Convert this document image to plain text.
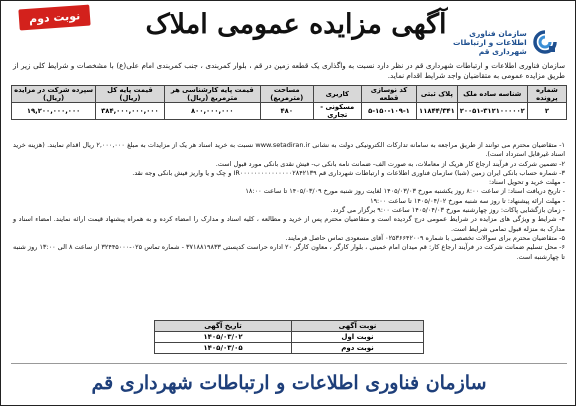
نوبت دوم	آگهی مزایده عمومی املاک	سازمان فناوری
اطلاعات و ارتباطات
شهرداری قم
سازمان فناوری اطلاعات و ارتباطات شهرداری قم در نظر دارد نسبت به واگذاری یک قطعه زمین در قم ، بلوار کمربندی ، جنب کمربندی امام علی(ع) با مشخصات و شرایط کلی زیر از طریق مزایده عمومی به متقاضیان واجد شرایط اقدام نماید.
شماره پرونده	شناسه ساده ملک	پلاک ثبتی	کد نوسازی قطعه	کاربری	مساحت (مترمربع)	قیمت پایه کارشناسی هر مترمربع (ریال)	قیمت پایه کل (ریال)	سپرده شرکت در مزایده (ریال)
۲	۲۰۰۵۱-۳۱۲۱۰۰۰۰۰۲	۱۱۸۴۴/۳۴۱	۵-۱۵۰-۱۰۹-۱	مسکونی - تجاری	۴۸۰	۸۰۰,۰۰۰,۰۰۰	۳۸۴,۰۰۰,۰۰۰,۰۰۰	۱۹,۲۰۰,۰۰۰,۰۰۰

۱- متقاضیان محترم می توانند از طریق مراجعه به سامانه تدارکات الکترونیکی دولت به نشانی www.setadiran.ir نسبت به خرید اسناد هر یک از مزایدات به مبلغ ۲,۰۰۰,۰۰۰ ریال اقدام نمایند. (هزینه خرید اسناد غیرقابل استرداد است).

۲- تضمین شرکت در فرآیند ارجاع کار هریک از معاملات، به صورت الف- ضمانت نامه بانکی ب- فیش نقدی بانکی مورد قبول است.

۳- شماره حساب بانکی ایران زمین (شبا) سازمان فناوری اطلاعات و ارتباطات شهرداری قم IR۰۰۰۰۰۰۰۰۰۰۰۰۰۰۰۲۸۴۲۱۳۹ و چک و یا واریز فیش بانکی وجه نقد.

- مهلت خرید و تحویل اسناد:

- تاریخ دریافت اسناد: از ساعت ۸:۰۰ روز یکشنبه مورخ ۱۴۰۵/۰۳/۰۳ لغایت روز شنبه مورخ ۱۴۰۵/۰۳/۰۹ تا ساعت ۱۸:۰۰

- مهلت ارائه پیشنهاد: تا روز سه شنبه مورخ ۱۴۰۵/۰۴/۰۲ تا ساعت ۱۹:۰۰

- زمان بازگشایی پاکات: روز چهارشنبه مورخ ۱۴۰۵/۰۴/۰۳ ساعت ۹:۰۰ برگزار می گردد.

۴- شرایط و ویژگی های مزایده در شرایط عمومی درج گردیده است و متقاضیان محترم پس از خرید و مطالعه ، کلیه اسناد و مدارک را امضاء کرده و به همراه پیشنهاد قیمت ارائه نمایند. امضاء اسناد و مدارک به منزله قبول تمامی شرایط است.

۵- متقاضیان محترم برای سوالات تخصصی با شماره ۰۲۵۳۶۶۴۲۰۰۹ آقای مسعودی تماس حاصل فرمایند.

۶- محل تسلیم ضمانت شرکت در فرآیند ارجاع کار: قم میدان امام خمینی ، بلوار کارگر ، معاون کارگر ۲۰ اداره حراست کدپستی ۳۷۱۸۸۱۹۸۳۳ - شماره تماس ۰۲۵-۳۲۴۴۵۰۰۰ از ساعت ۸ الی ۱۳:۰۰ روز شنبه تا چهارشنبه است.

نوبت آگهی	تاریخ آگهی
نوبت اول	۱۴۰۵/۰۳/۰۲
نوبت دوم	۱۴۰۵/۰۳/۰۵
سازمان فناوری اطلاعات و ارتباطات شهرداری قم
